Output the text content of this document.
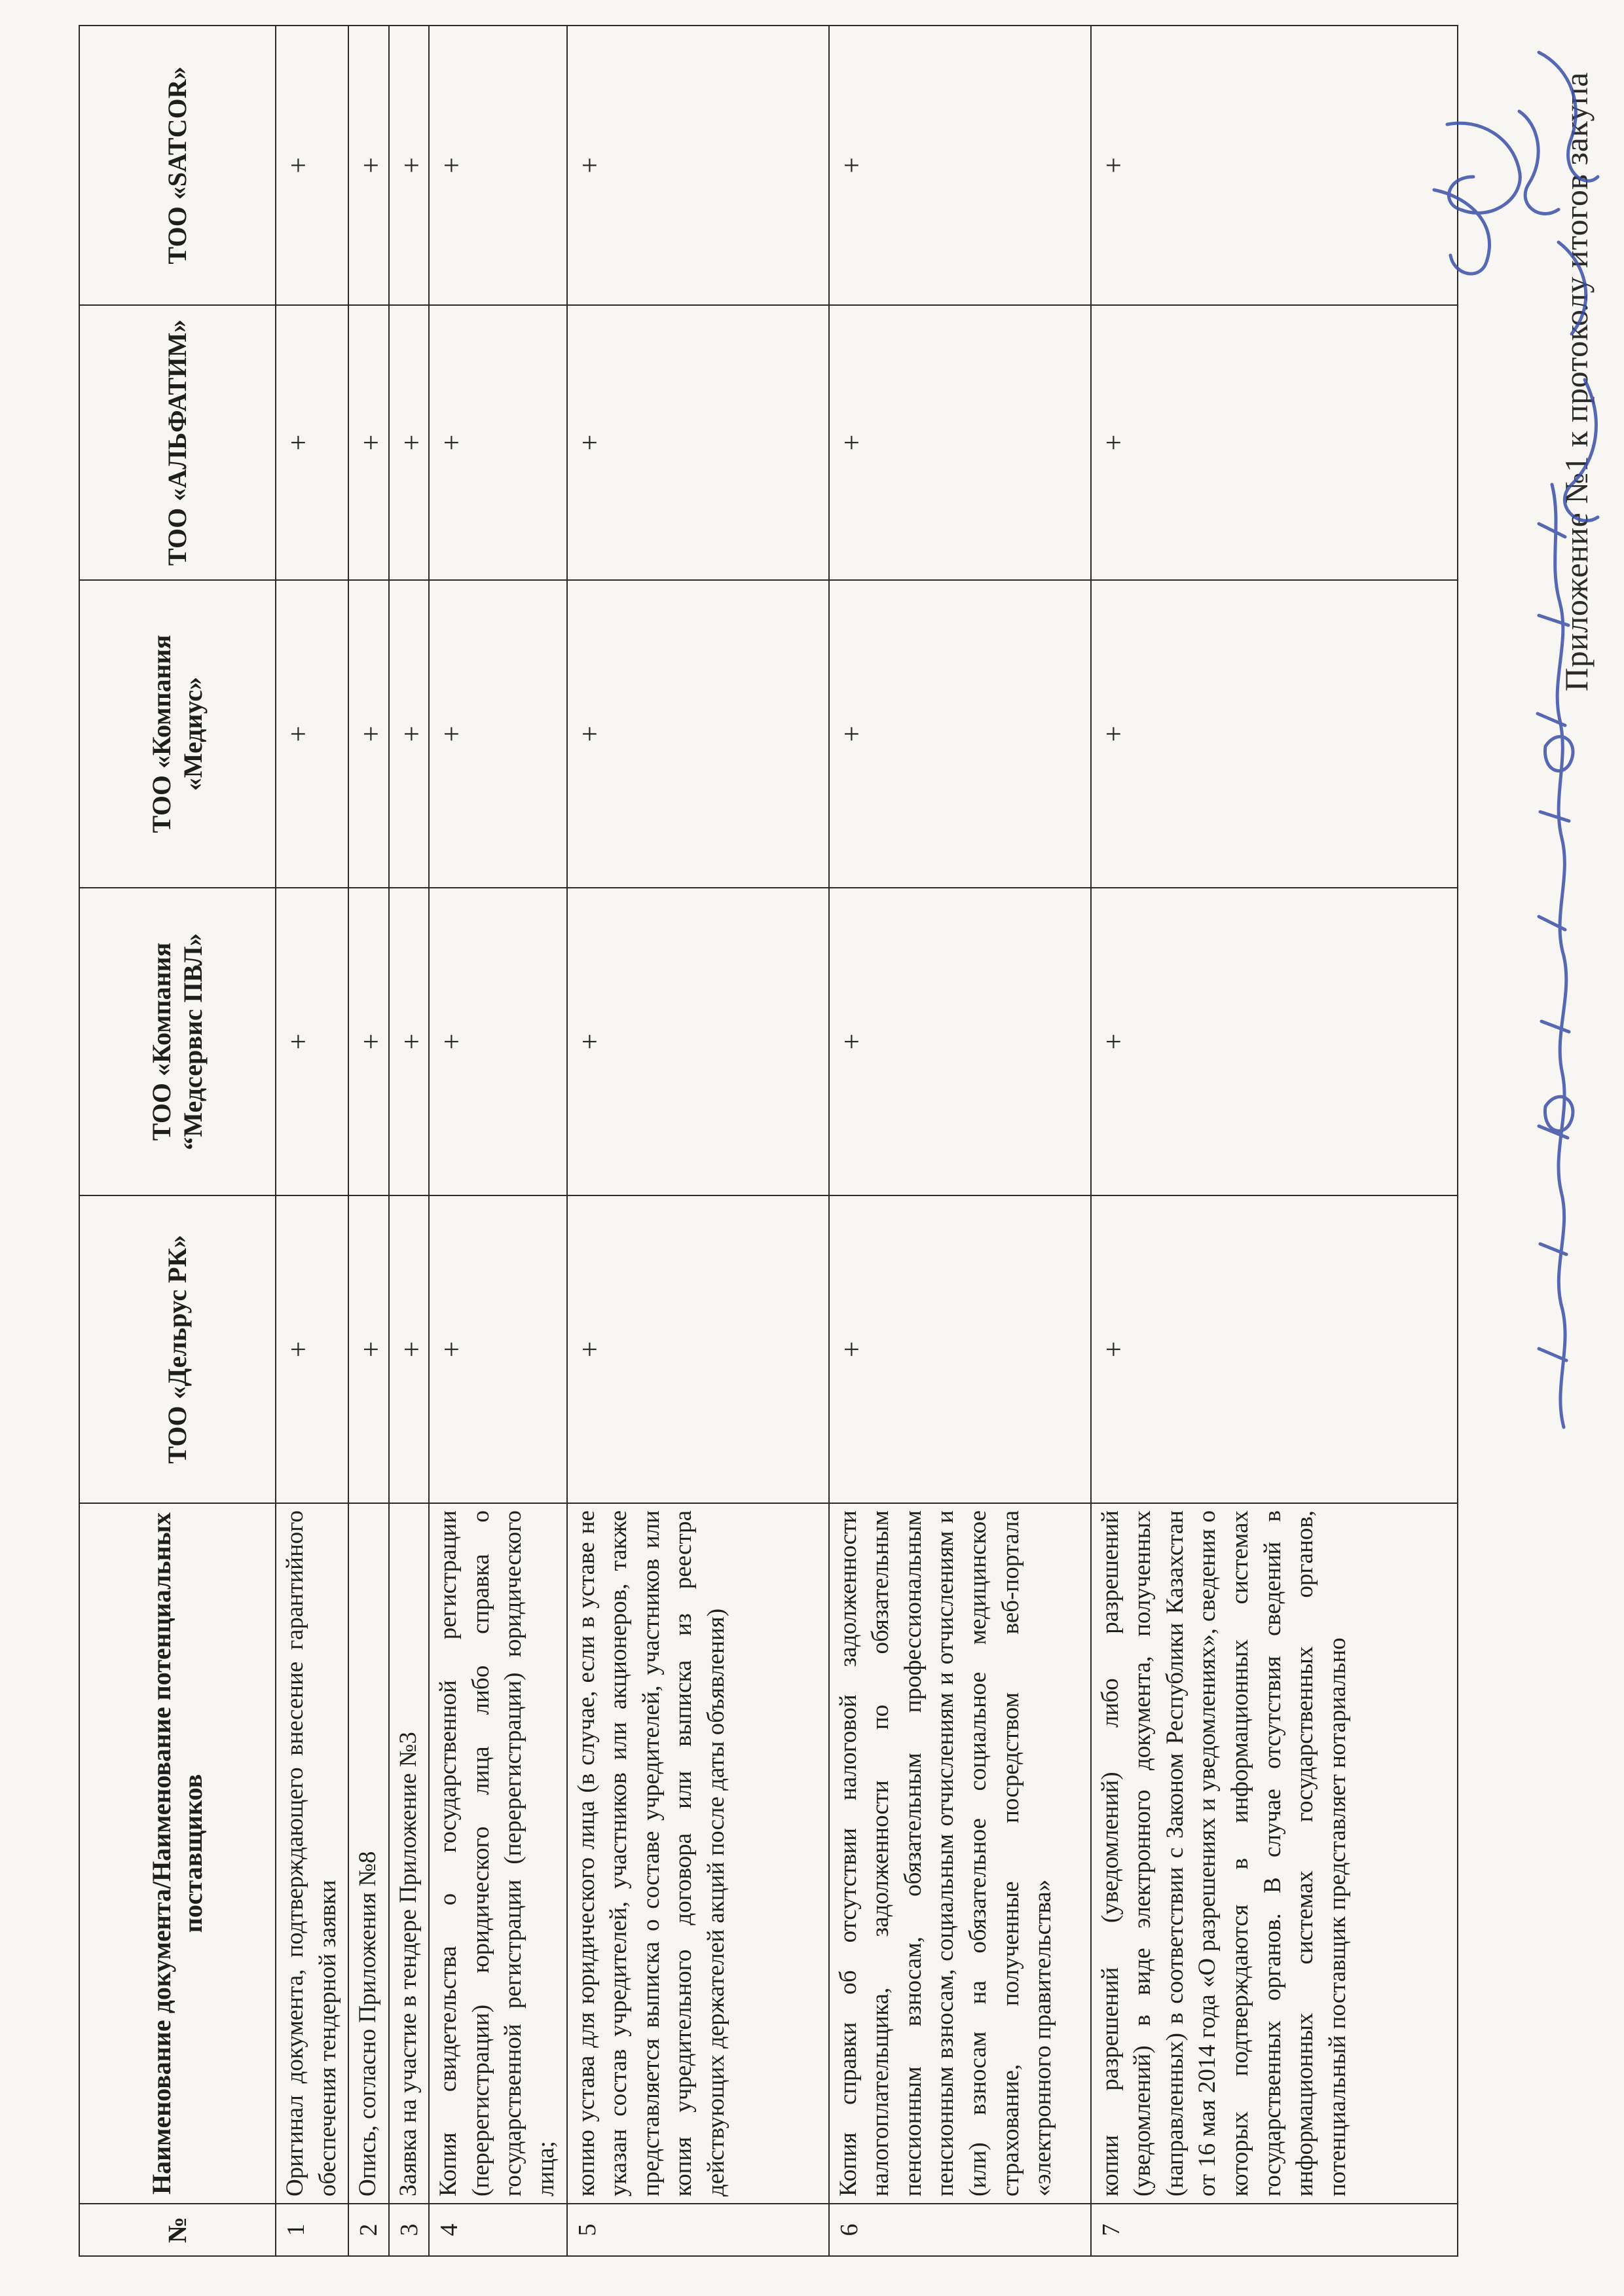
Приложение №1 к протоколу итогов закупа
№	Наименование документа/Наименование потенциальных поставщиков	ТОО «Дельрус РК»	ТОО «Компания “Медсервис ПВЛ»	ТОО «Компания «Медиус»	ТОО «АЛЬФАТИМ»	ТОО «SATCOR»
1	Оригинал документа, подтверждающего внесение гарантийного обеспечения тендерной заявки	+	+	+	+	+
2	Опись, согласно Приложения №8	+	+	+	+	+
3	Заявка на участие в тендере Приложение №3	+	+	+	+	+
4	Копия свидетельства о государственной регистрации (перерегистрации) юридического лица либо справка о государственной регистрации (перерегистрации) юридического лица;	+	+	+	+	+
5	копию устава для юридического лица (в случае, если в уставе не указан состав учредителей, участников или акционеров, также представляется выписка о составе учредителей, участников или копия учредительного договора или выписка из реестра действующих держателей акций после даты объявления)	+	+	+	+	+
6	Копия справки об отсутствии налоговой задолженности налогоплательщика, задолженности по обязательным пенсионным взносам, обязательным профессиональным пенсионным взносам, социальным отчислениям и отчислениям и (или) взносам на обязательное социальное медицинское страхование, полученные посредством веб-портала «электронного правительства»	+	+	+	+	+
7	копии разрешений (уведомлений) либо разрешений (уведомлений) в виде электронного документа, полученных (направленных) в соответствии с Законом Республики Казахстан от 16 мая 2014 года «О разрешениях и уведомлениях», сведения о которых подтверждаются в информационных системах государственных органов. В случае отсутствия сведений в информационных системах государственных органов, потенциальный поставщик представляет нотариально	+	+	+	+	+
